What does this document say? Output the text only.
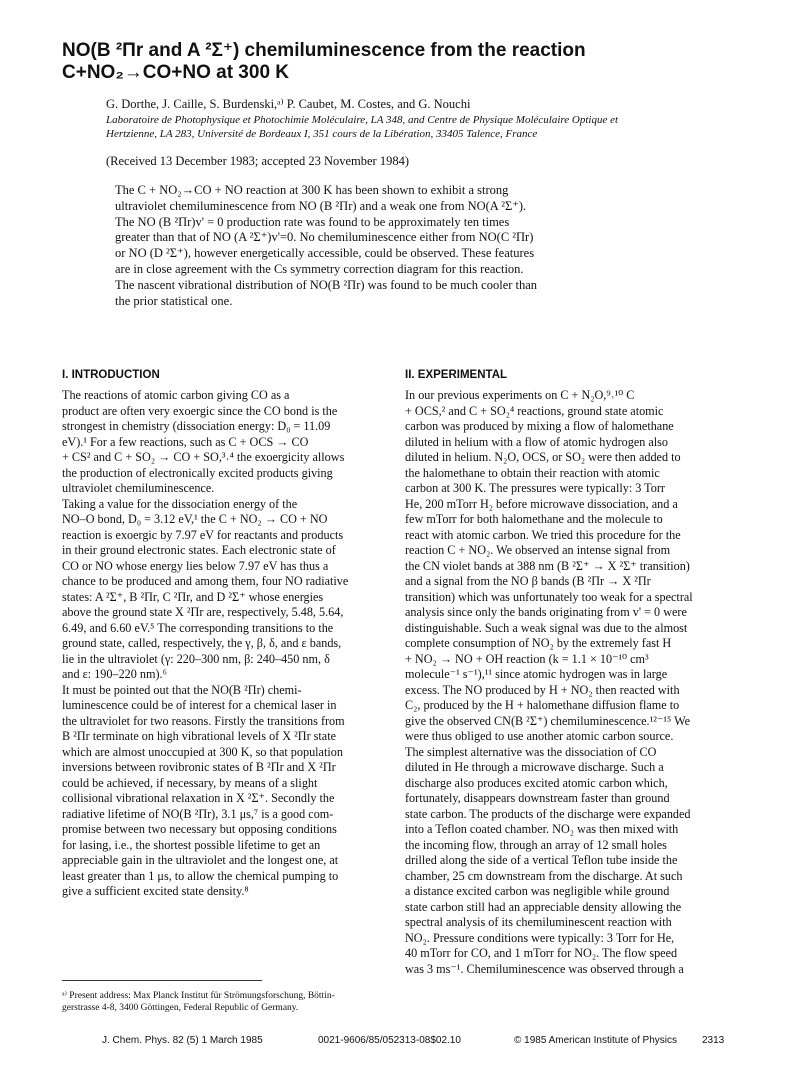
NO(B ²Πr and A ²Σ⁺) chemiluminescence from the reaction
C+NO₂→CO+NO at 300 K
G. Dorthe, J. Caille, S. Burdenski,ᵃ⁾ P. Caubet, M. Costes, and G. Nouchi
Laboratoire de Photophysique et Photochimie Moléculaire, LA 348, and Centre de Physique Moléculaire Optique et
Hertzienne, LA 283, Université de Bordeaux I, 351 cours de la Libération, 33405 Talence, France
(Received 13 December 1983; accepted 23 November 1984)
The C + NO₂→CO + NO reaction at 300 K has been shown to exhibit a strong
ultraviolet chemiluminescence from NO (B ²Πr) and a weak one from NO(A ²Σ⁺).
The NO (B ²Πr)v' = 0 production rate was found to be approximately ten times
greater than that of NO (A ²Σ⁺)v'=0. No chemiluminescence either from NO(C ²Πr)
or NO (D ²Σ⁺), however energetically accessible, could be observed. These features
are in close agreement with the Cs symmetry correction diagram for this reaction.
The nascent vibrational distribution of NO(B ²Πr) was found to be much cooler than
the prior statistical one.
I. INTRODUCTION
The reactions of atomic carbon giving CO as a
product are often very exoergic since the CO bond is the
strongest in chemistry (dissociation energy: D₀ = 11.09
eV).¹ For a few reactions, such as C + OCS → CO
+ CS² and C + SO₂ → CO + SO,³˒⁴ the exoergicity allows
the production of electronically excited products giving
ultraviolet chemiluminescence.
Taking a value for the dissociation energy of the
NO–O bond, D₀ = 3.12 eV,¹ the C + NO₂ → CO + NO
reaction is exoergic by 7.97 eV for reactants and products
in their ground electronic states. Each electronic state of
CO or NO whose energy lies below 7.97 eV has thus a
chance to be produced and among them, four NO radiative
states: A ²Σ⁺, B ²Πr, C ²Πr, and D ²Σ⁺ whose energies
above the ground state X ²Πr are, respectively, 5.48, 5.64,
6.49, and 6.60 eV.⁵ The corresponding transitions to the
ground state, called, respectively, the γ, β, δ, and ε bands,
lie in the ultraviolet (γ: 220–300 nm, β: 240–450 nm, δ
and ε: 190–220 nm).⁶
It must be pointed out that the NO(B ²Πr) chemi-
luminescence could be of interest for a chemical laser in
the ultraviolet for two reasons. Firstly the transitions from
B ²Πr terminate on high vibrational levels of X ²Πr state
which are almost unoccupied at 300 K, so that population
inversions between rovibronic states of B ²Πr and X ²Πr
could be achieved, if necessary, by means of a slight
collisional vibrational relaxation in X ²Σ⁺. Secondly the
radiative lifetime of NO(B ²Πr), 3.1 μs,⁷ is a good com-
promise between two necessary but opposing conditions
for lasing, i.e., the shortest possible lifetime to get an
appreciable gain in the ultraviolet and the longest one, at
least greater than 1 μs, to allow the chemical pumping to
give a sufficient excited state density.⁸
II. EXPERIMENTAL
In our previous experiments on C + N₂O,⁹˒¹⁰ C
+ OCS,² and C + SO₂⁴ reactions, ground state atomic
carbon was produced by mixing a flow of halomethane
diluted in helium with a flow of atomic hydrogen also
diluted in helium. N₂O, OCS, or SO₂ were then added to
the halomethane to obtain their reaction with atomic
carbon at 300 K. The pressures were typically: 3 Torr
He, 200 mTorr H₂ before microwave dissociation, and a
few mTorr for both halomethane and the molecule to
react with atomic carbon. We tried this procedure for the
reaction C + NO₂. We observed an intense signal from
the CN violet bands at 388 nm (B ²Σ⁺ → X ²Σ⁺ transition)
and a signal from the NO β bands (B ²Πr → X ²Πr
transition) which was unfortunately too weak for a spectral
analysis since only the bands originating from v' = 0 were
distinguishable. Such a weak signal was due to the almost
complete consumption of NO₂ by the extremely fast H
+ NO₂ → NO + OH reaction (k = 1.1 × 10⁻¹⁰ cm³
molecule⁻¹ s⁻¹),¹¹ since atomic hydrogen was in large
excess. The NO produced by H + NO₂ then reacted with
C₂, produced by the H + halomethane diffusion flame to
give the observed CN(B ²Σ⁺) chemiluminescence.¹²⁻¹⁵ We
were thus obliged to use another atomic carbon source.
The simplest alternative was the dissociation of CO
diluted in He through a microwave discharge. Such a
discharge also produces excited atomic carbon which,
fortunately, disappears downstream faster than ground
state carbon. The products of the discharge were expanded
into a Teflon coated chamber. NO₂ was then mixed with
the incoming flow, through an array of 12 small holes
drilled along the side of a vertical Teflon tube inside the
chamber, 25 cm downstream from the discharge. At such
a distance excited carbon was negligible while ground
state carbon still had an appreciable density allowing the
spectral analysis of its chemiluminescent reaction with
NO₂. Pressure conditions were typically: 3 Torr for He,
40 mTorr for CO, and 1 mTorr for NO₂. The flow speed
was 3 ms⁻¹. Chemiluminescence was observed through a
ᵃ⁾ Present address: Max Planck Institut für Strömungsforschung, Böttin-
gerstrasse 4-8, 3400 Göttingen, Federal Republic of Germany.
J. Chem. Phys. 82 (5) 1 March 1985	0021-9606/85/052313-08$02.10	© 1985 American Institute of Physics 2313
